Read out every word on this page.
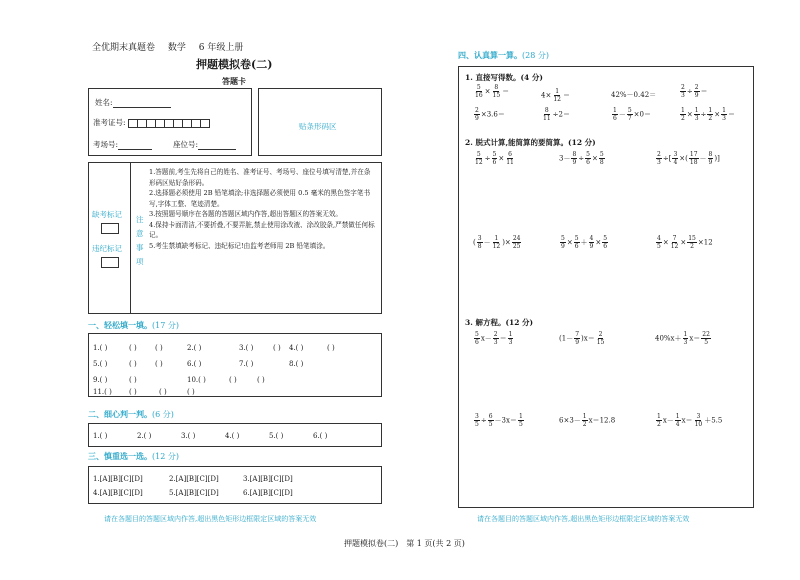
全优期末真题卷 数学 6 年级上册
押题模拟卷(二)
答题卡
姓名:
准考证号:
考场号:	座位号:
贴条形码区
缺考标记
违纪标记
注
意
事
项
1.答题前,考生先将自己的姓名、准考证号、考场号、座位号填写清楚,并在条形码区贴好条形码。
2.选择题必须使用 2B 铅笔填涂;非选择题必须使用 0.5 毫米的黑色签字笔书写,字体工整、笔迹清楚。
3.按照题号顺序在各题的答题区域内作答,超出答题区的答案无效。
4.保持卡面清洁,不要折叠,不要弄脏,禁止使用涂改液、涂改胶条,严禁做任何标记。
5.考生禁填缺考标记、违纪标记!由监考老师用 2B 铅笔填涂。
一、轻松填一填。(17 分)
1.( )	( )	( )	2.( )	3.( )	( ) 4.( )	( )
5.( )	( )	( )	6.( )	7.( )	8.( )
9.( )	( )	10.( )	( )	( )
11.( ) ( )	( )	( )
二、细心判一判。(6 分)
1.( )	2.( )	3.( )	4.( )	5.( )	6.( )
三、慎重选一选。(12 分)
1.[A][B][C][D]	2.[A][B][C][D]	3.[A][B][C][D]
4.[A][B][C][D]	5.[A][B][C][D]	6.[A][B][C][D]
请在各题目的答题区域内作答,超出黑色矩形边框限定区域的答案无效
四、认真算一算。(28 分)
1. 直接写得数。(4 分)
$\frac{5}{16} \times \frac{8}{15}$ ＝	$4\times \frac{1}{12}$ ＝	42%－0.42＝	$\frac{2}{3} \div \frac{2}{9}$ ＝
$\frac{2}{9} \times 3.6=$	$\frac{8}{11} \div 2=$	$\frac{1}{6} - \frac{5}{7} \times 0=$	$\frac{1}{2} \times \frac{1}{3} \div \frac{1}{2} \times \frac{1}{3}$ ＝
2. 脱式计算,能简算的要简算。(12 分)
$\frac{5}{12} \div \frac{5}{6} \times \frac{6}{11}$	$3- \frac{8}{9} \div \frac{5}{6} \times \frac{5}{8}$	$\frac{2}{3}$ ÷[ $\frac{3}{4}$ ×( $\frac{17}{18} - \frac{8}{9}$ )]
( $\frac{3}{8} - \frac{1}{12}$ )× $\frac{24}{25}$	$\frac{5}{9} \times \frac{5}{6} + \frac{4}{9} \times \frac{5}{6}$	$\frac{4}{5} \times \frac{7}{12} \times \frac{15}{2} \times 12$
3. 解方程。(12 分)
$\frac{5}{6} x- \frac{2}{3} = \frac{1}{3}$	$(1- \frac{7}{9} )x= \frac{2}{15}$	$40\%x+ \frac{1}{3} x= \frac{22}{5}$
$\frac{3}{5} \div \frac{6}{5} -3x= \frac{1}{5}$	$6\times 3- \frac{1}{2} x=12.8$	$\frac{1}{2} x- \frac{1}{4} x= \frac{3}{10} +5.5$
请在各题目的答题区域内作答,超出黑色矩形边框限定区域的答案无效
押题模拟卷(二)　第 1 页(共 2 页)
